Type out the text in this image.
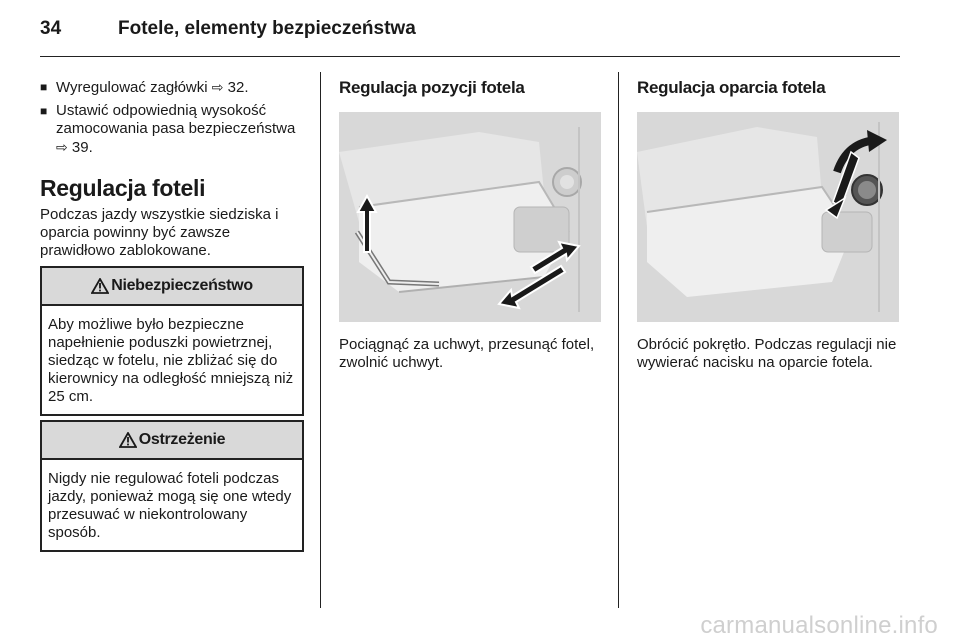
34	Fotele, elementy bezpieczeństwa
■ Wyregulować zagłówki ⇨ 32.
■ Ustawić odpowiednią wysokość zamocowania pasa bezpieczeństwa ⇨ 39.
Regulacja foteli

Podczas jazdy wszystkie siedziska i oparcia powinny być zawsze prawidłowo zablokowane.

Niebezpieczeństwo
Aby możliwe było bezpieczne napełnienie poduszki powietrznej, siedząc w fotelu, nie zbliżać się do kierownicy na odległość mniejszą niż 25 cm.
Ostrzeżenie
Nigdy nie regulować foteli podczas jazdy, ponieważ mogą się one wtedy przesuwać w niekontrolowany sposób.
Regulacja pozycji fotela
Pociągnąć za uchwyt, przesunąć fotel, zwolnić uchwyt.
Regulacja oparcia fotela
Obrócić pokrętło. Podczas regulacji nie wywierać nacisku na oparcie fotela.
carmanualsonline.info
